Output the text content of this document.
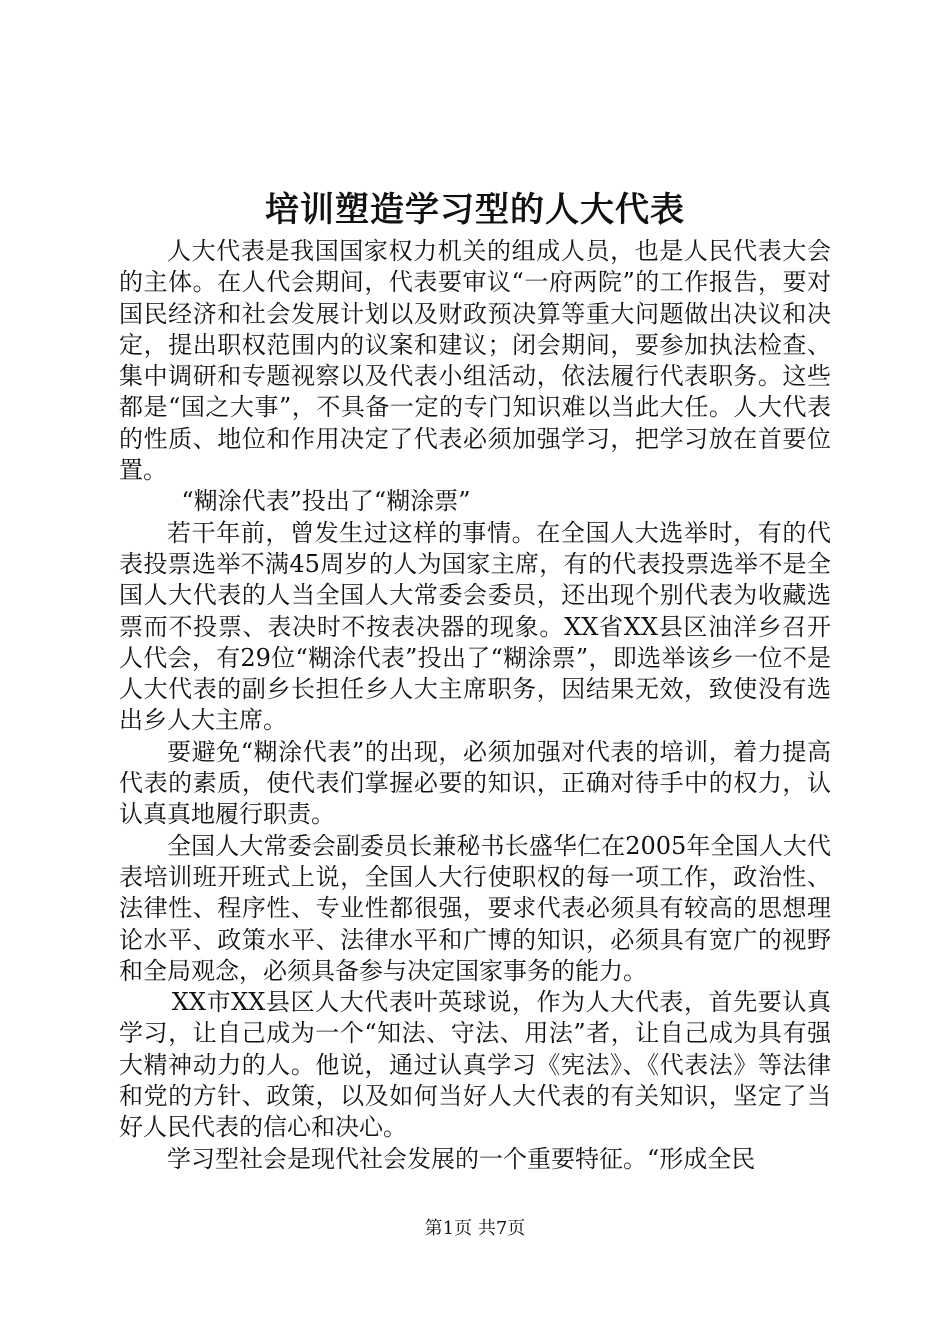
培训塑造学习型的人大代表

人大代表是我国国家权力机关的组成人员，也是人民代表大会的主体。在人代会期间，代表要审议“一府两院”的工作报告，要对国民经济和社会发展计划以及财政预决算等重大问题做出决议和决定，提出职权范围内的议案和建议；闭会期间，要参加执法检查、集中调研和专题视察以及代表小组活动，依法履行代表职务。这些都是“国之大事”，不具备一定的专门知识难以当此大任。人大代表的性质、地位和作用决定了代表必须加强学习，把学习放在首要位置。

“糊涂代表”投出了“糊涂票”

若干年前，曾发生过这样的事情。在全国人大选举时，有的代表投票选举不满45周岁的人为国家主席，有的代表投票选举不是全国人大代表的人当全国人大常委会委员，还出现个别代表为收藏选票而不投票、表决时不按表决器的现象。XX省XX县区油洋乡召开人代会，有29位“糊涂代表”投出了“糊涂票”，即选举该乡一位不是人大代表的副乡长担任乡人大主席职务，因结果无效，致使没有选出乡人大主席。

要避免“糊涂代表”的出现，必须加强对代表的培训，着力提高代表的素质，使代表们掌握必要的知识，正确对待手中的权力，认认真真地履行职责。

全国人大常委会副委员长兼秘书长盛华仁在2005年全国人大代表培训班开班式上说，全国人大行使职权的每一项工作，政治性、法律性、程序性、专业性都很强，要求代表必须具有较高的思想理论水平、政策水平、法律水平和广博的知识，必须具有宽广的视野和全局观念，必须具备参与决定国家事务的能力。

XX市XX县区人大代表叶英球说，作为人大代表，首先要认真学习，让自己成为一个“知法、守法、用法”者，让自己成为具有强大精神动力的人。他说，通过认真学习《宪法》、《代表法》等法律和党的方针、政策，以及如何当好人大代表的有关知识，坚定了当好人民代表的信心和决心。

学习型社会是现代社会发展的一个重要特征。“形成全民

第1页 共7页
